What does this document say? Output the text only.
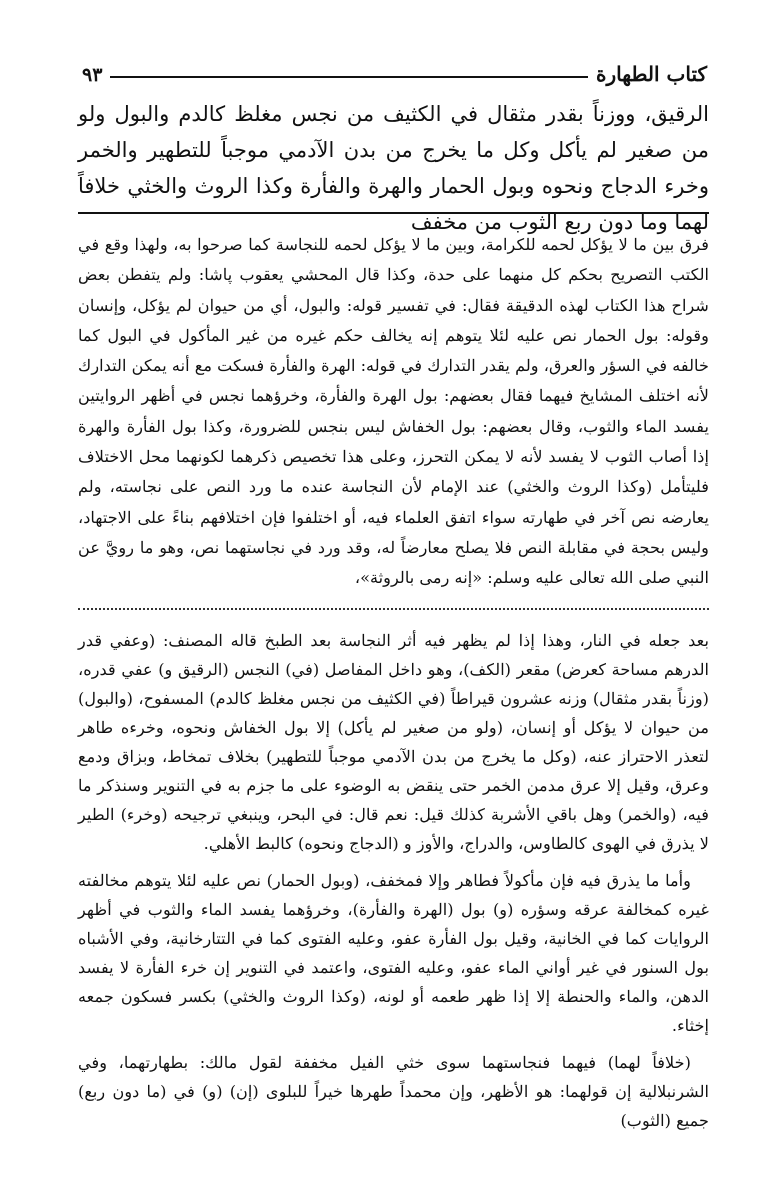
كتاب الطهارة
٩٣
الرقيق، ووزناً بقدر مثقال في الكثيف من نجس مغلظ كالدم والبول ولو من صغير لم يأكل وكل ما يخرج من بدن الآدمي موجباً للتطهير والخمر وخرء الدجاج ونحوه وبول الحمار والهرة والفأرة وكذا الروث والخثي خلافاً لهما وما دون ربع الثوب من مخفف
فرق بين ما لا يؤكل لحمه للكرامة، وبين ما لا يؤكل لحمه للنجاسة كما صرحوا به، ولهذا وقع في الكتب التصريح بحكم كل منهما على حدة، وكذا قال المحشي يعقوب پاشا: ولم يتفطن بعض شراح هذا الكتاب لهذه الدقيقة فقال: في تفسير قوله: والبول، أي من حيوان لم يؤكل، وإنسان وقوله: بول الحمار نص عليه لئلا يتوهم إنه يخالف حكم غيره من غير المأكول في البول كما خالفه في السؤر والعرق، ولم يقدر التدارك في قوله: الهرة والفأرة فسكت مع أنه يمكن التدارك لأنه اختلف المشايخ فيهما فقال بعضهم: بول الهرة والفأرة، وخرؤهما نجس في أظهر الروايتين يفسد الماء والثوب، وقال بعضهم: بول الخفاش ليس بنجس للضرورة، وكذا بول الفأرة والهرة إذا أصاب الثوب لا يفسد لأنه لا يمكن التحرز، وعلى هذا تخصيص ذكرهما لكونهما محل الاختلاف فليتأمل (وكذا الروث والخثي) عند الإمام لأن النجاسة عنده ما ورد النص على نجاسته، ولم يعارضه نص آخر في طهارته سواء اتفق العلماء فيه، أو اختلفوا فإن اختلافهم بناءً على الاجتهاد، وليس بحجة في مقابلة النص فلا يصلح معارضاً له، وقد ورد في نجاستهما نص، وهو ما رويَّ عن النبي صلى الله تعالى عليه وسلم: «إنه رمى بالروثة»،

بعد جعله في النار، وهذا إذا لم يظهر فيه أثر النجاسة بعد الطبخ قاله المصنف: (وعفي قدر الدرهم مساحة كعرض) مقعر (الكف)، وهو داخل المفاصل (في) النجس (الرقيق و) عفي قدره، (وزناً بقدر مثقال) وزنه عشرون قيراطاً (في الكثيف من نجس مغلظ كالدم) المسفوح، (والبول) من حيوان لا يؤكل أو إنسان، (ولو من صغير لم يأكل) إلا بول الخفاش ونحوه، وخرءه طاهر لتعذر الاحتراز عنه، (وكل ما يخرج من بدن الآدمي موجباً للتطهير) بخلاف تمخاط، وبزاق ودمع وعرق، وقيل إلا عرق مدمن الخمر حتى ينقض به الوضوء على ما جزم به في التنوير وسنذكر ما فيه، (والخمر) وهل باقي الأشربة كذلك قيل: نعم قال: في البحر، وينبغي ترجيحه (وخرء) الطير لا يذرق في الهوى كالطاوس، والدراج، والأوز و (الدجاج ونحوه) كالبط الأهلي.

وأما ما يذرق فيه فإن مأكولاً فطاهر وإلا فمخفف، (وبول الحمار) نص عليه لئلا يتوهم مخالفته غيره كمخالفة عرقه وسؤره (و) بول (الهرة والفأرة)، وخرؤهما يفسد الماء والثوب في أظهر الروايات كما في الخانية، وقيل بول الفأرة عفو، وعليه الفتوى كما في التتارخانية، وفي الأشباه بول السنور في غير أواني الماء عفو، وعليه الفتوى، واعتمد في التنوير إن خرء الفأرة لا يفسد الدهن، والماء والحنطة إلا إذا ظهر طعمه أو لونه، (وكذا الروث والخثي) بكسر فسكون جمعه إخثاء.

(خلافاً لهما) فيهما فنجاستهما سوى خثي الفيل مخففة لقول مالك: بطهارتهما، وفي الشرنبلالية إن قولهما: هو الأظهر، وإن محمداً طهرها خيراً للبلوى (إن) (و) في (ما دون ربع) جميع (الثوب)
